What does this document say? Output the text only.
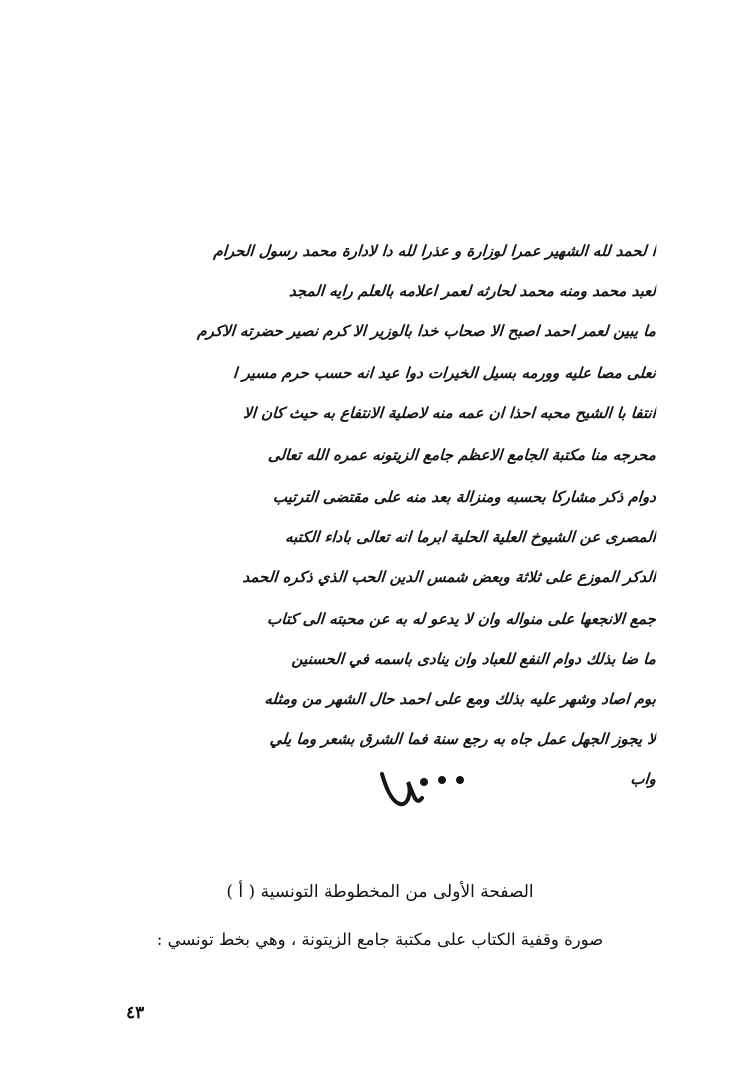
ا لحمد لله الشهير عمرا لوزارة و عذرا لله دا لادارة محمد رسول الحرام
لعبد محمد ومنه محمد لحارثه لعمر اعلامه بالعلم رايه المجد
ما يبين لعمر احمد اصبح الا صحاب خدا بالوزير الا كرم نصير حضرته الاكرم
نعلى مصا عليه وورمه بسيل الخيرات دوا عيد انه حسب حرم مسير ا
انتفا با الشيح محبه احذا ان عمه منه لاصلية الانتفاع به حيث كان الا
محرجه منا مكتبة الجامع الاعظم جامع الزيتونه عمره الله تعالى
دوام ذكر مشاركا بحسبه ومنزالة بعد منه على مقتضى الترتيب
المصرى عن الشيوخ العلية الحلية ابرما انه تعالى باداء الكتبه
الدكر الموزع على ثلاثة وبعض شمس الدين الحب الذي ذكره الحمد
جمع الانجعها على منواله وان لا يدعو له به عن محبته الى كتاب
ما ضا بذلك دوام النفع للعباد وان ينادى باسمه في الحسنين
بوم اصاد وشهر عليه بذلك ومع على احمد حال الشهر من ومثله
لا يجوز الجهل عمل جاه به رجع سنة فما الشرق بشعر وما يلي
واب
الصفحة الأولى من المخطوطة التونسية ( أ )
صورة وقفية الكتاب على مكتبة جامع الزيتونة ، وهي بخط تونسي :
٤٣
